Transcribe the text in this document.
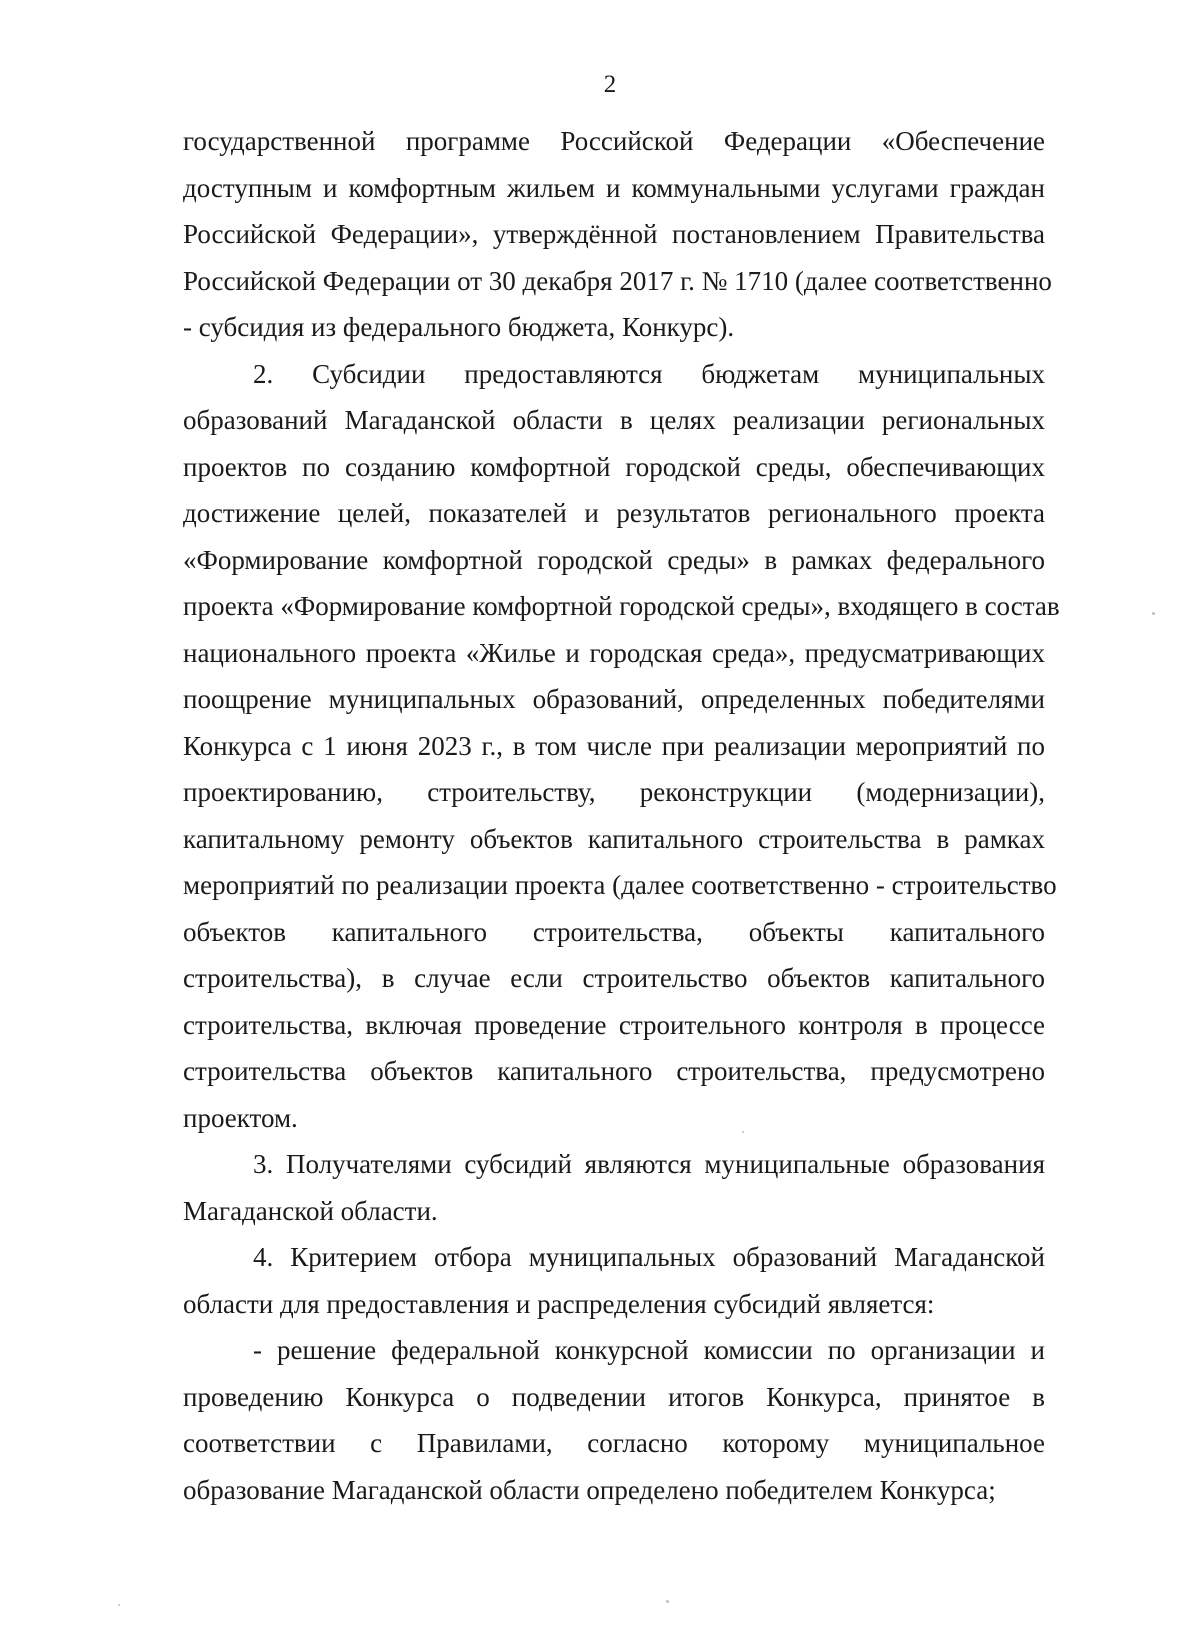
2
государственной программе Российской Федерации «Обеспечение
доступным и комфортным жильем и коммунальными услугами граждан
Российской Федерации», утверждённой постановлением Правительства
Российской Федерации от 30 декабря 2017 г. № 1710 (далее соответственно
- субсидия из федерального бюджета, Конкурс).
2. Субсидии предоставляются бюджетам муниципальных
образований Магаданской области в целях реализации региональных
проектов по созданию комфортной городской среды, обеспечивающих
достижение целей, показателей и результатов регионального проекта
«Формирование комфортной городской среды» в рамках федерального
проекта «Формирование комфортной городской среды», входящего в состав
национального проекта «Жилье и городская среда», предусматривающих
поощрение муниципальных образований, определенных победителями
Конкурса с 1 июня 2023 г., в том числе при реализации мероприятий по
проектированию, строительству, реконструкции (модернизации),
капитальному ремонту объектов капитального строительства в рамках
мероприятий по реализации проекта (далее соответственно - строительство
объектов капитального строительства, объекты капитального
строительства), в случае если строительство объектов капитального
строительства, включая проведение строительного контроля в процессе
строительства объектов капитального строительства, предусмотрено
проектом.
3. Получателями субсидий являются муниципальные образования
Магаданской области.
4. Критерием отбора муниципальных образований Магаданской
области для предоставления и распределения субсидий является:
- решение федеральной конкурсной комиссии по организации и
проведению Конкурса о подведении итогов Конкурса, принятое в
соответствии с Правилами, согласно которому муниципальное
образование Магаданской области определено победителем Конкурса;
